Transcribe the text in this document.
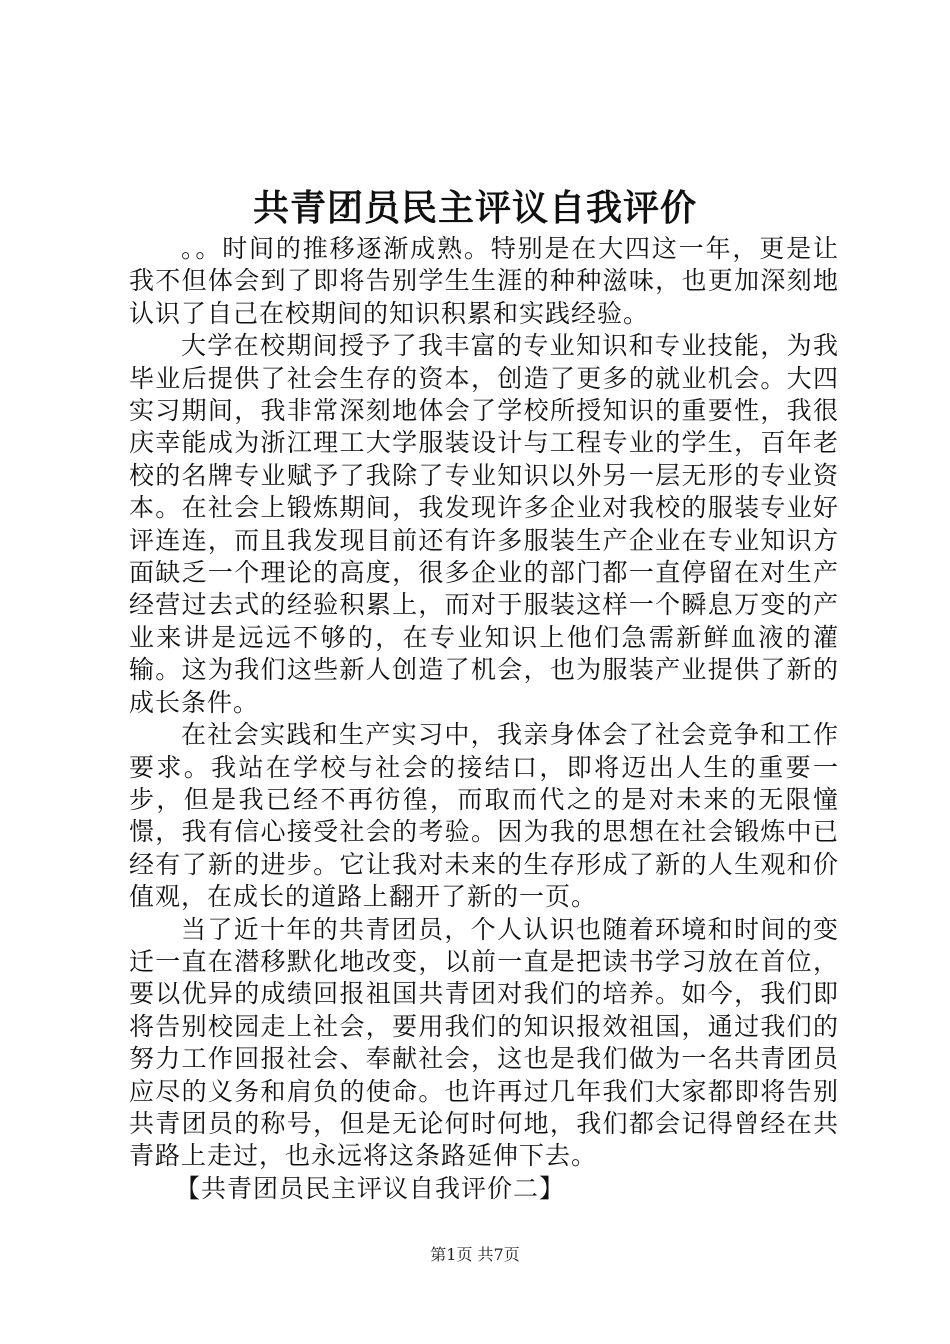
共青团员民主评议自我评价

。。时间的推移逐渐成熟。特别是在大四这一年，更是让我不但体会到了即将告别学生生涯的种种滋味，也更加深刻地认识了自己在校期间的知识积累和实践经验。

大学在校期间授予了我丰富的专业知识和专业技能，为我毕业后提供了社会生存的资本，创造了更多的就业机会。大四实习期间，我非常深刻地体会了学校所授知识的重要性，我很庆幸能成为浙江理工大学服装设计与工程专业的学生，百年老校的名牌专业赋予了我除了专业知识以外另一层无形的专业资本。在社会上锻炼期间，我发现许多企业对我校的服装专业好评连连，而且我发现目前还有许多服装生产企业在专业知识方面缺乏一个理论的高度，很多企业的部门都一直停留在对生产经营过去式的经验积累上，而对于服装这样一个瞬息万变的产业来讲是远远不够的，在专业知识上他们急需新鲜血液的灌输。这为我们这些新人创造了机会，也为服装产业提供了新的成长条件。

在社会实践和生产实习中，我亲身体会了社会竞争和工作要求。我站在学校与社会的接结口，即将迈出人生的重要一步，但是我已经不再彷徨，而取而代之的是对未来的无限憧憬，我有信心接受社会的考验。因为我的思想在社会锻炼中已经有了新的进步。它让我对未来的生存形成了新的人生观和价值观，在成长的道路上翻开了新的一页。

当了近十年的共青团员，个人认识也随着环境和时间的变迁一直在潜移默化地改变，以前一直是把读书学习放在首位，要以优异的成绩回报祖国共青团对我们的培养。如今，我们即将告别校园走上社会，要用我们的知识报效祖国，通过我们的努力工作回报社会、奉献社会，这也是我们做为一名共青团员应尽的义务和肩负的使命。也许再过几年我们大家都即将告别共青团员的称号，但是无论何时何地，我们都会记得曾经在共青路上走过，也永远将这条路延伸下去。

【共青团员民主评议自我评价二】

第1页 共7页
